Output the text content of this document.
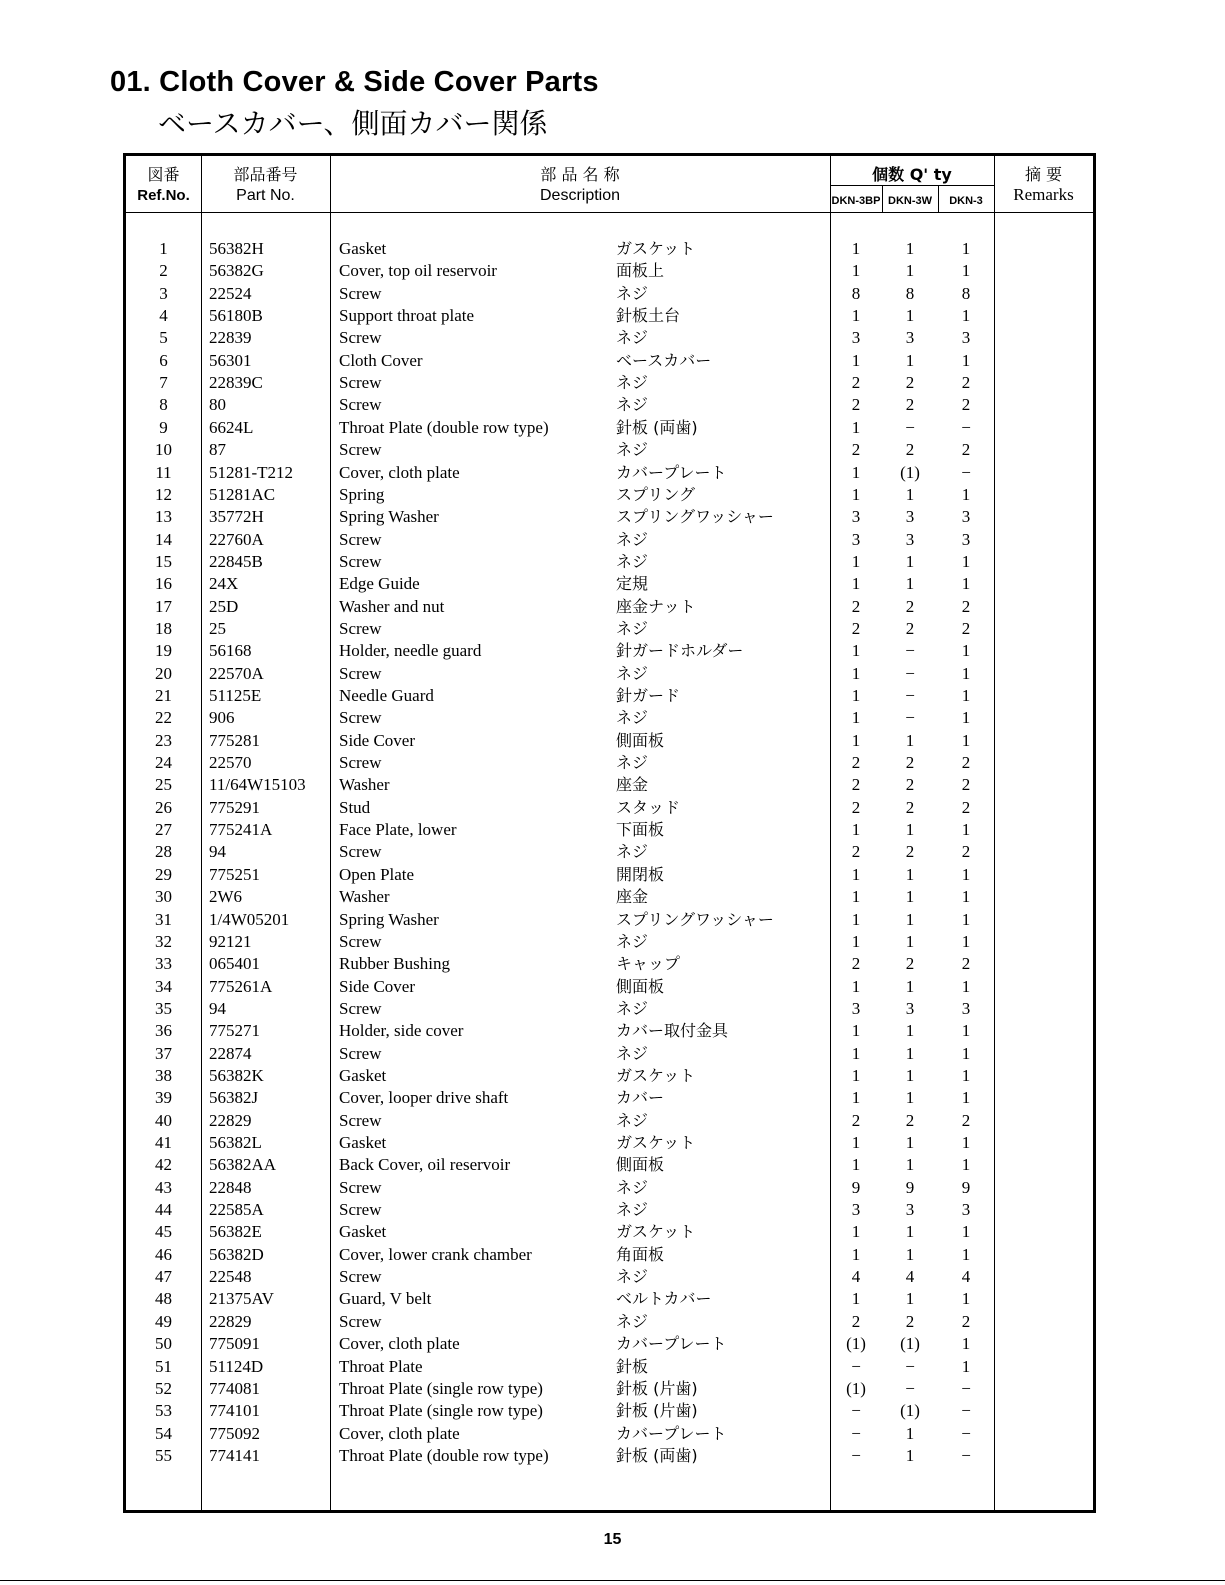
01. Cloth Cover & Side Cover Parts
ベースカバー、側面カバー関係
図番
Ref.No.
部品番号
Part No.
部 品 名 称
Description
個数 Q' ty
DKN-3BP DKN-3W	DKN-3
摘 要
Remarks
1	56382H	Gasket	ガスケット	1	1	1
2	56382G	Cover, top oil reservoir	面板上	1	1	1
3	22524	Screw	ネジ	8	8	8
4	56180B	Support throat plate	針板土台	1	1	1
5	22839	Screw	ネジ	3	3	3
6	56301	Cloth Cover	ベースカバー	1	1	1
7	22839C	Screw	ネジ	2	2	2
8	80	Screw	ネジ	2	2	2
9	6624L	Throat Plate (double row type)	針板 (両歯)	1	−	−
10	87	Screw	ネジ	2	2	2
11	51281-T212	Cover, cloth plate	カバープレート	1	(1)	−
12	51281AC	Spring	スプリング	1	1	1
13	35772H	Spring Washer	スプリングワッシャー	3	3	3
14	22760A	Screw	ネジ	3	3	3
15	22845B	Screw	ネジ	1	1	1
16	24X	Edge Guide	定規	1	1	1
17	25D	Washer and nut	座金ナット	2	2	2
18	25	Screw	ネジ	2	2	2
19	56168	Holder, needle guard	針ガードホルダー	1	−	1
20	22570A	Screw	ネジ	1	−	1
21	51125E	Needle Guard	針ガード	1	−	1
22	906	Screw	ネジ	1	−	1
23	775281	Side Cover	側面板	1	1	1
24	22570	Screw	ネジ	2	2	2
25	11/64W15103 Washer	座金	2	2	2
26	775291	Stud	スタッド	2	2	2
27	775241A	Face Plate, lower	下面板	1	1	1
28	94	Screw	ネジ	2	2	2
29	775251	Open Plate	開閉板	1	1	1
30	2W6	Washer	座金	1	1	1
31	1/4W05201	Spring Washer	スプリングワッシャー	1	1	1
32	92121	Screw	ネジ	1	1	1
33	065401	Rubber Bushing	キャップ	2	2	2
34	775261A	Side Cover	側面板	1	1	1
35	94	Screw	ネジ	3	3	3
36	775271	Holder, side cover	カバー取付金具	1	1	1
37	22874	Screw	ネジ	1	1	1
38	56382K	Gasket	ガスケット	1	1	1
39	56382J	Cover, looper drive shaft	カバー	1	1	1
40	22829	Screw	ネジ	2	2	2
41	56382L	Gasket	ガスケット	1	1	1
42	56382AA	Back Cover, oil reservoir	側面板	1	1	1
43	22848	Screw	ネジ	9	9	9
44	22585A	Screw	ネジ	3	3	3
45	56382E	Gasket	ガスケット	1	1	1
46	56382D	Cover, lower crank chamber	角面板	1	1	1
47	22548	Screw	ネジ	4	4	4
48	21375AV	Guard, V belt	ベルトカバー	1	1	1
49	22829	Screw	ネジ	2	2	2
50	775091	Cover, cloth plate	カバープレート	(1)	(1)	1
51	51124D	Throat Plate	針板	−	−	1
52	774081	Throat Plate (single row type)	針板 (片歯)	(1)	−	−
53	774101	Throat Plate (single row type)	針板 (片歯)	−	(1)	−
54	775092	Cover, cloth plate	カバープレート	−	1	−
55	774141	Throat Plate (double row type)	針板 (両歯)	−	1	−
15
